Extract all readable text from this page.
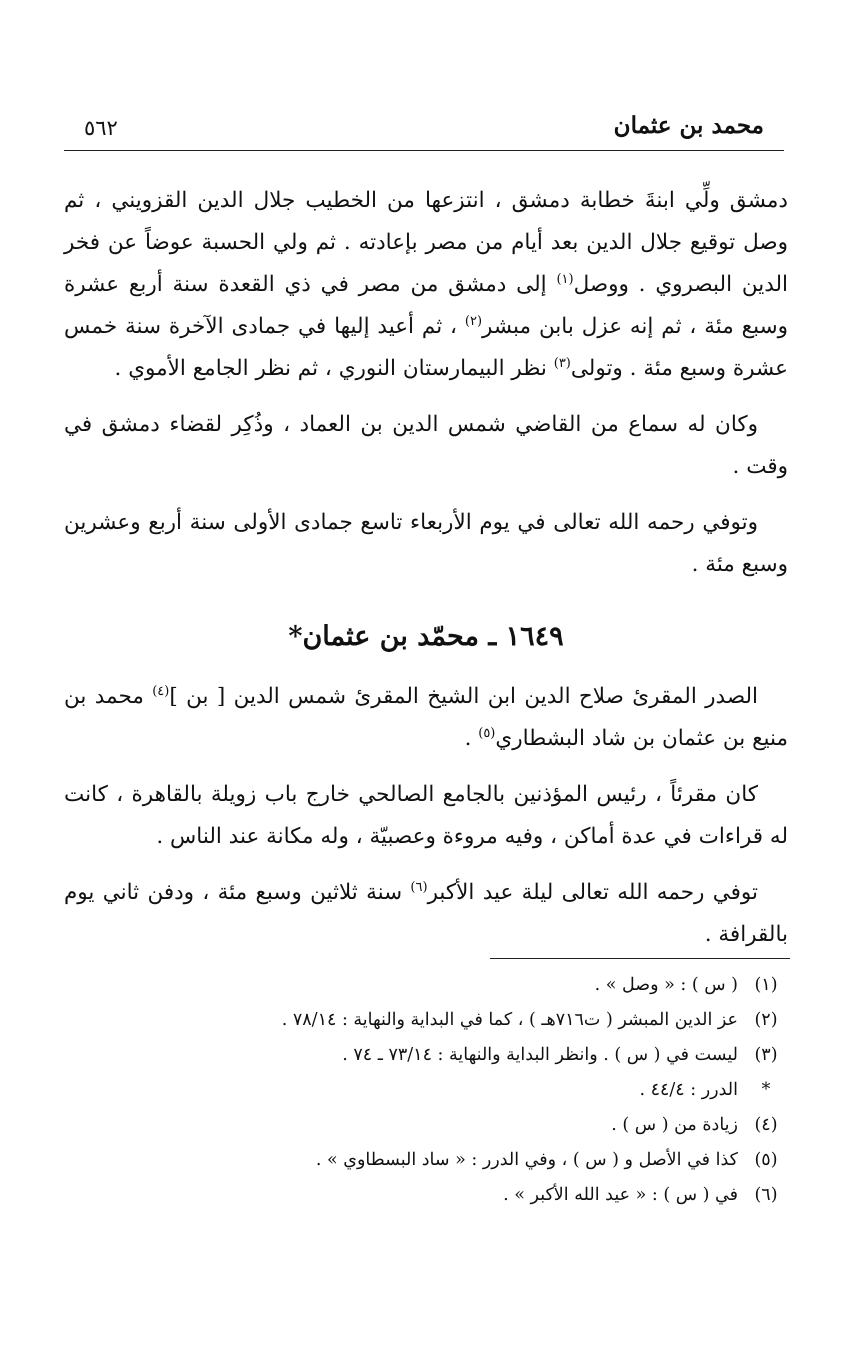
محمد بن عثمان
٥٦٢

دمشق ولِّي ابنةَ خطابة دمشق ، انتزعها من الخطيب جلال الدين القزويني ، ثم وصل توقيع جلال الدين بعد أيام من مصر بإعادته . ثم ولي الحسبة عوضاً عن فخر الدين البصروي . ووصل$^{(١)}$ إلى دمشق من مصر في ذي القعدة سنة أربع عشرة وسبع مئة ، ثم إنه عزل بابن مبشر$^{(٢)}$ ، ثم أعيد إليها في جمادى الآخرة سنة خمس عشرة وسبع مئة . وتولى$^{(٣)}$ نظر البيمارستان النوري ، ثم نظر الجامع الأموي .

وكان له سماع من القاضي شمس الدين بن العماد ، وذُكِر لقضاء دمشق في وقت .

وتوفي رحمه الله تعالى في يوم الأربعاء تاسع جمادى الأولى سنة أربع وعشرين وسبع مئة .

١٦٤٩ ـ محمّد بن عثمان*

الصدر المقرئ صلاح الدين ابن الشيخ المقرئ شمس الدين [ بن ]$^{(٤)}$ محمد بن منيع بن عثمان بن شاد البشطاري$^{(٥)}$ .

كان مقرئاً ، رئيس المؤذنين بالجامع الصالحي خارج باب زويلة بالقاهرة ، كانت له قراءات في عدة أماكن ، وفيه مروءة وعصبيّة ، وله مكانة عند الناس .

توفي رحمه الله تعالى ليلة عيد الأكبر$^{(٦)}$ سنة ثلاثين وسبع مئة ، ودفن ثاني يوم بالقرافة .

(١)
( س ) : « وصل » .
(٢)
عز الدين المبشر ( ت٧١٦هـ ) ، كما في البداية والنهاية : ٧٨/١٤ .
(٣)
ليست في ( س ) . وانظر البداية والنهاية : ٧٣/١٤ ـ ٧٤ .
*
الدرر : ٤٤/٤ .
(٤)
زيادة من ( س ) .
(٥)
كذا في الأصل و ( س ) ، وفي الدرر : « ساد البسطاوي » .
(٦)
في ( س ) : « عيد الله الأكبر » .
